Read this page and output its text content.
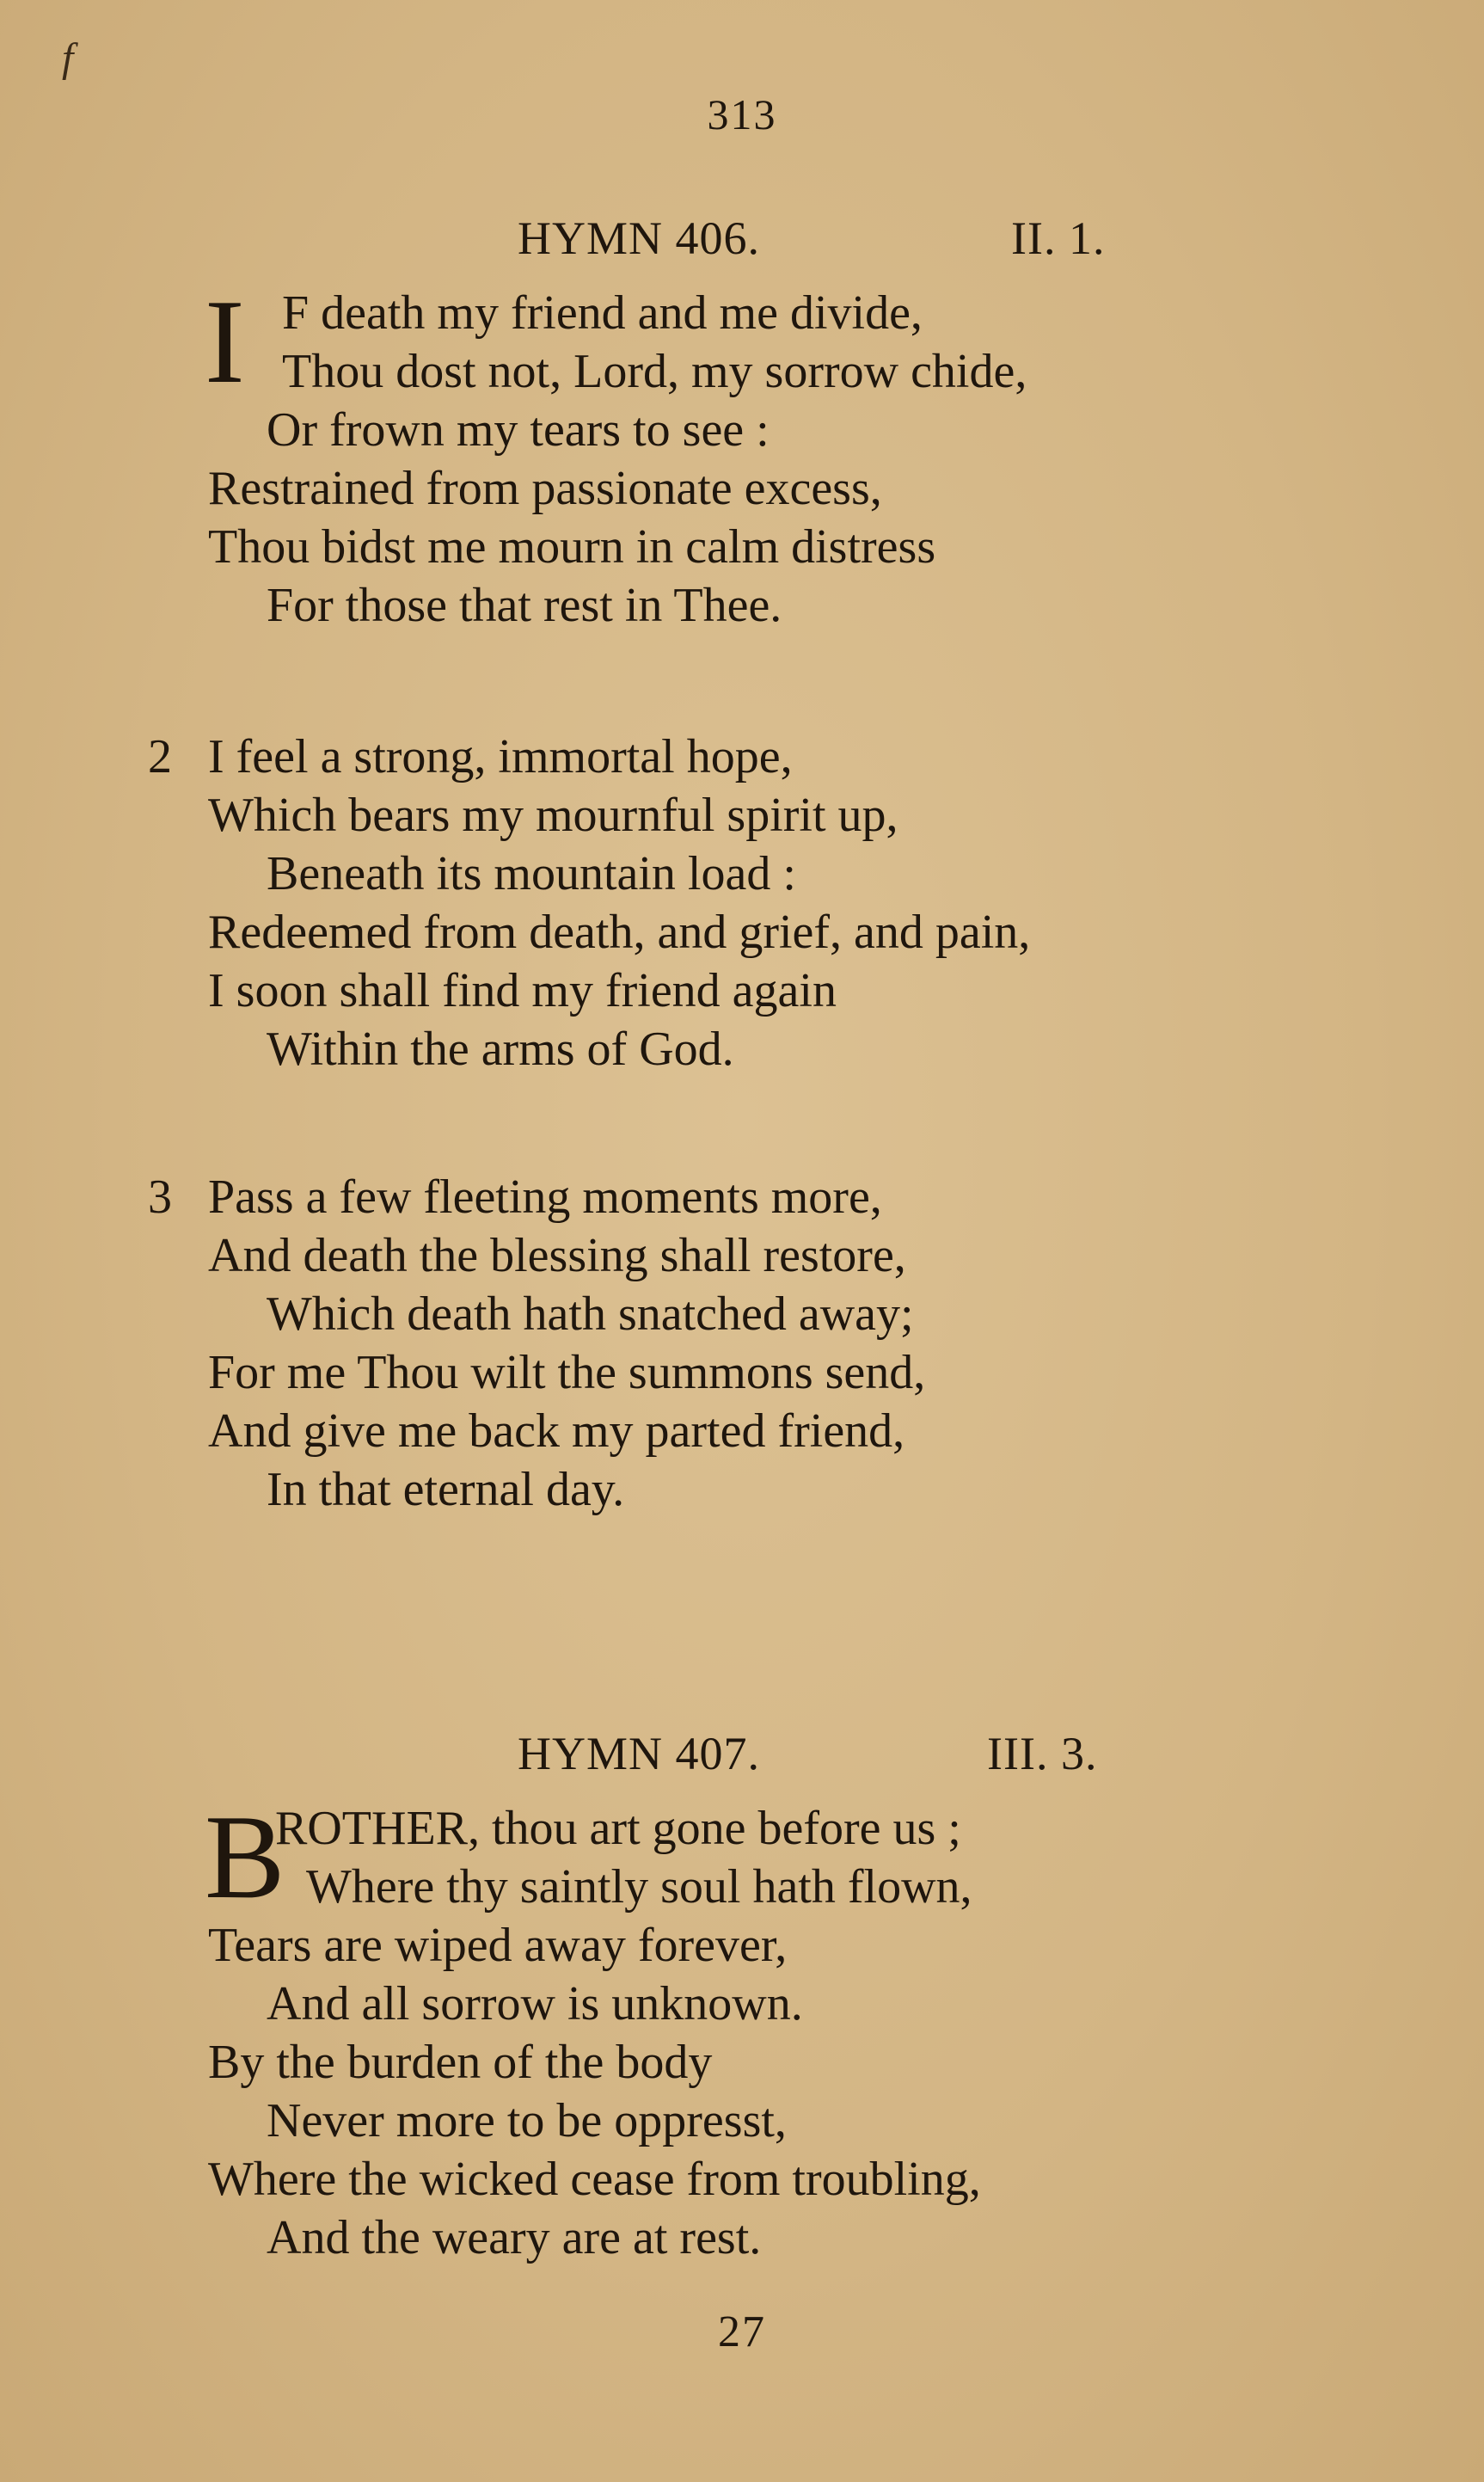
f
313
HYMN 406.	II. 1.
I F death my friend and me divide,
Thou dost not, Lord, my sorrow chide,
Or frown my tears to see :
Restrained from passionate excess,
Thou bidst me mourn in calm distress
For those that rest in Thee.
2 I feel a strong, immortal hope,
Which bears my mournful spirit up,
Beneath its mountain load :
Redeemed from death, and grief, and pain,
I soon shall find my friend again
Within the arms of God.
3 Pass a few fleeting moments more,
And death the blessing shall restore,
Which death hath snatched away;
For me Thou wilt the summons send,
And give me back my parted friend,
In that eternal day.
HYMN 407.	III. 3.
B
ROTHER, thou art gone before us ;
Where thy saintly soul hath flown,
Tears are wiped away forever,
And all sorrow is unknown.
By the burden of the body
Never more to be oppresst,
Where the wicked cease from troubling,
And the weary are at rest.
27
